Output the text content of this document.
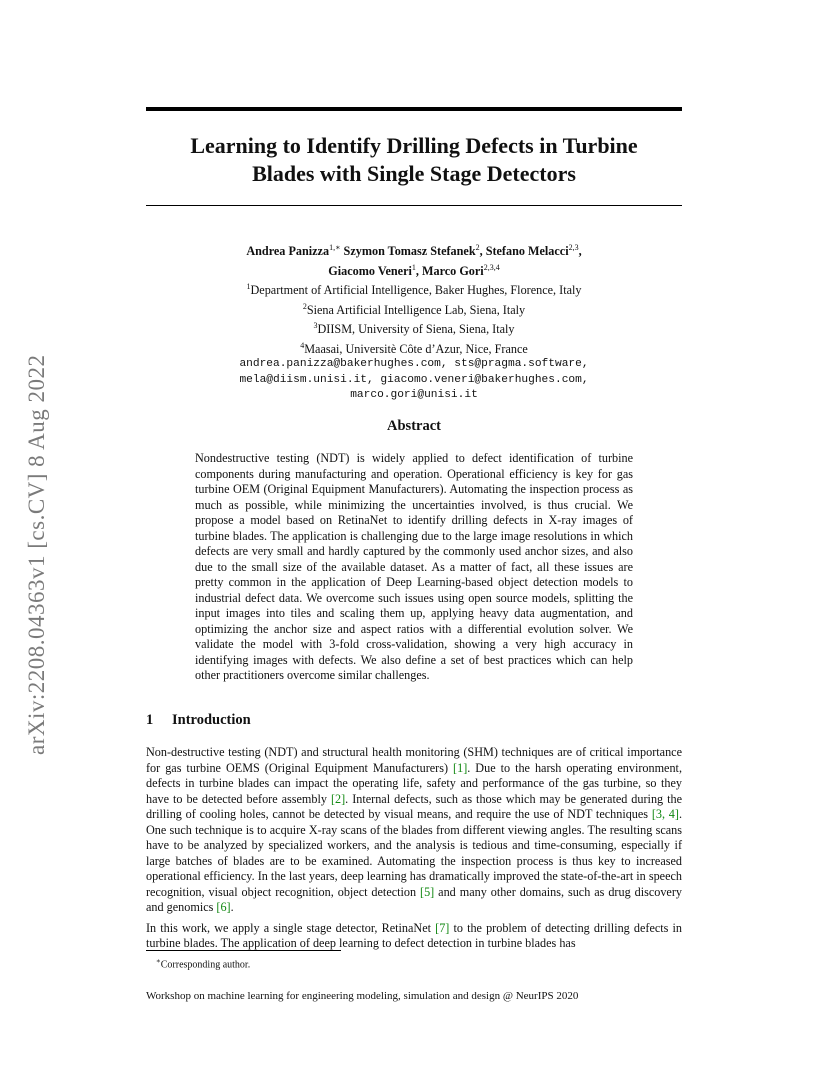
arXiv:2208.04363v1 [cs.CV] 8 Aug 2022
Learning to Identify Drilling Defects in Turbine
Blades with Single Stage Detectors
Andrea Panizza$^{1,∗}$ Szymon Tomasz Stefanek$^2$, Stefano Melacci$^{2,3}$,
Giacomo Veneri$^1$, Marco Gori$^{2,3,4}$
$^1$Department of Artificial Intelligence, Baker Hughes, Florence, Italy
$^2$Siena Artificial Intelligence Lab, Siena, Italy
$^3$DIISM, University of Siena, Siena, Italy
$^4$Maasai, Universitè Côte d’Azur, Nice, France
andrea.panizza@bakerhughes.com, sts@pragma.software,
mela@diism.unisi.it, giacomo.veneri@bakerhughes.com,
marco.gori@unisi.it
Abstract
Nondestructive testing (NDT) is widely applied to defect identification of turbine components during manufacturing and operation. Operational efficiency is key for gas turbine OEM (Original Equipment Manufacturers). Automating the inspection process as much as possible, while minimizing the uncertainties involved, is thus crucial. We propose a model based on RetinaNet to identify drilling defects in X-ray images of turbine blades. The application is challenging due to the large image resolutions in which defects are very small and hardly captured by the commonly used anchor sizes, and also due to the small size of the available dataset. As a matter of fact, all these issues are pretty common in the application of Deep Learning-based object detection models to industrial defect data. We overcome such issues using open source models, splitting the input images into tiles and scaling them up, applying heavy data augmentation, and optimizing the anchor size and aspect ratios with a differential evolution solver. We validate the model with 3-fold cross-validation, showing a very high accuracy in identifying images with defects. We also define a set of best practices which can help other practitioners overcome similar challenges.
1 Introduction

Non-destructive testing (NDT) and structural health monitoring (SHM) techniques are of critical importance for gas turbine OEMS (Original Equipment Manufacturers) [1]. Due to the harsh operating environment, defects in turbine blades can impact the operating life, safety and performance of the gas turbine, so they have to be detected before assembly [2]. Internal defects, such as those which may be generated during the drilling of cooling holes, cannot be detected by visual means, and require the use of NDT techniques [3, 4]. One such technique is to acquire X-ray scans of the blades from different viewing angles. The resulting scans have to be analyzed by specialized workers, and the analysis is tedious and time-consuming, especially if large batches of blades are to be examined. Automating the inspection process is thus key to increased operational efficiency. In the last years, deep learning has dramatically improved the state-of-the-art in speech recognition, visual object recognition, object detection [5] and many other domains, such as drug discovery and genomics [6].

In this work, we apply a single stage detector, RetinaNet [7] to the problem of detecting drilling defects in turbine blades. The application of deep learning to defect detection in turbine blades has

∗Corresponding author.
Workshop on machine learning for engineering modeling, simulation and design @ NeurIPS 2020
